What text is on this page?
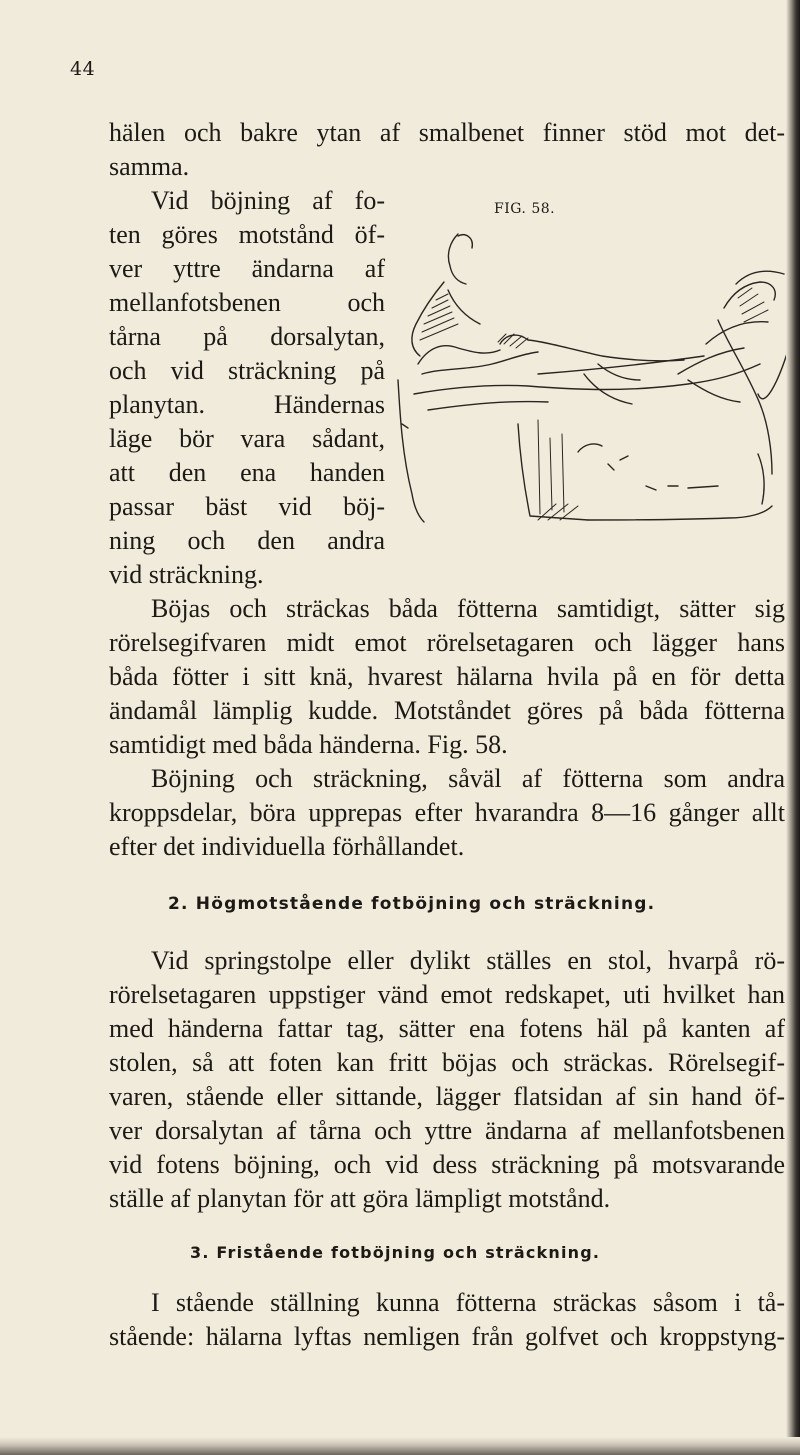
44

hälen och bakre ytan af smalbenet finner stöd mot det-

samma.

Vid böjning af fo-

ten göres motstånd öf-

ver yttre ändarna af

mellanfotsbenen och

tårna på dorsalytan,

och vid sträckning på

planytan. Händernas

läge bör vara sådant,

att den ena handen

passar bäst vid böj-

ning och den andra

vid sträckning.

Böjas och sträckas båda fötterna samtidigt, sätter sig

rörelsegifvaren midt emot rörelsetagaren och lägger hans

båda fötter i sitt knä, hvarest hälarna hvila på en för detta

ändamål lämplig kudde. Motståndet göres på båda fötterna

samtidigt med båda händerna. Fig. 58.

Böjning och sträckning, såväl af fötterna som andra

kroppsdelar, böra upprepas efter hvarandra 8—16 gånger allt

efter det individuella förhållandet.

2. Högmotstående fotböjning och sträckning.

Vid springstolpe eller dylikt ställes en stol, hvarpå rö-

rörelsetagaren uppstiger vänd emot redskapet, uti hvilket han

med händerna fattar tag, sätter ena fotens häl på kanten af

stolen, så att foten kan fritt böjas och sträckas. Rörelsegif-

varen, stående eller sittande, lägger flatsidan af sin hand öf-

ver dorsalytan af tårna och yttre ändarna af mellanfotsbenen

vid fotens böjning, och vid dess sträckning på motsvarande

ställe af planytan för att göra lämpligt motstånd.

3. Fristående fotböjning och sträckning.

I stående ställning kunna fötterna sträckas såsom i tå-

stående: hälarna lyftas nemligen från golfvet och kroppstyng-

FIG. 58.
